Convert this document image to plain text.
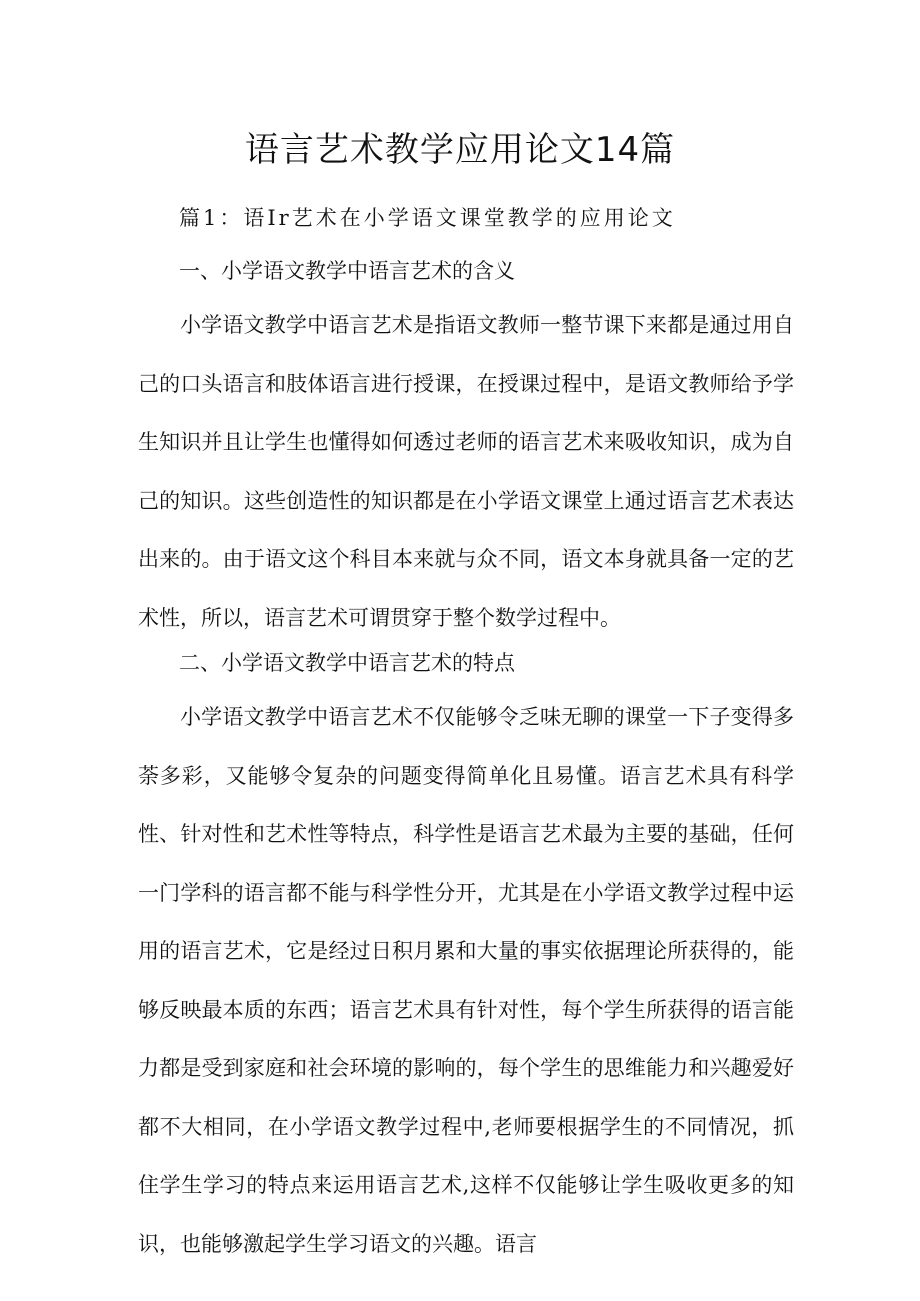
语言艺术教学应用论文14篇

篇1：语Ir艺术在小学语文课堂教学的应用论文

一、小学语文教学中语言艺术的含义

小学语文教学中语言艺术是指语文教师一整节课下来都是通过用自己的口头语言和肢体语言进行授课，在授课过程中，是语文教师给予学生知识并且让学生也懂得如何透过老师的语言艺术来吸收知识，成为自己的知识。这些创造性的知识都是在小学语文课堂上通过语言艺术表达出来的。由于语文这个科目本来就与众不同，语文本身就具备一定的艺术性，所以，语言艺术可谓贯穿于整个数学过程中。

二、小学语文教学中语言艺术的特点

小学语文教学中语言艺术不仅能够令乏味无聊的课堂一下子变得多荼多彩，又能够令复杂的问题变得简单化且易懂。语言艺术具有科学性、针对性和艺术性等特点，科学性是语言艺术最为主要的基础，任何一门学科的语言都不能与科学性分开，尤其是在小学语文教学过程中运用的语言艺术，它是经过日积月累和大量的事实依据理论所获得的，能够反映最本质的东西；语言艺术具有针对性，每个学生所获得的语言能力都是受到家庭和社会环境的影响的，每个学生的思维能力和兴趣爱好都不大相同，在小学语文教学过程中,老师要根据学生的不同情况，抓住学生学习的特点来运用语言艺术,这样不仅能够让学生吸收更多的知识，也能够激起学生学习语文的兴趣。语言
